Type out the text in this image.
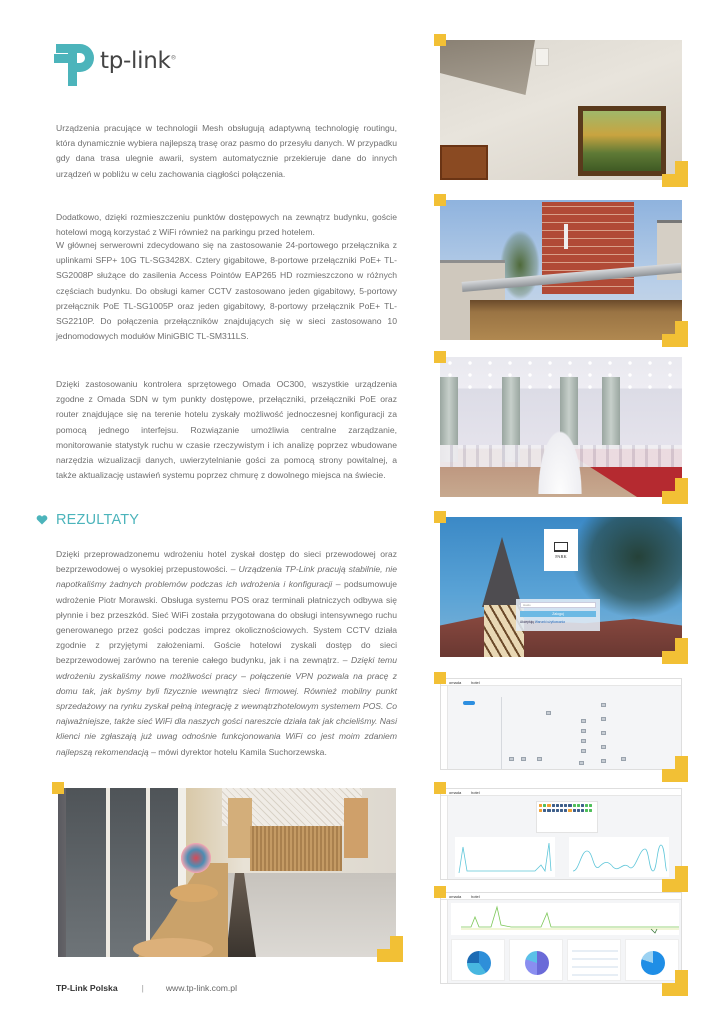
tp-link®

Urządzenia pracujące w technologii Mesh obsługują adaptywną technologię routingu, która dynamicznie wybiera najlepszą trasę oraz pasmo do przesyłu danych. W przypadku gdy dana trasa ulegnie awarii, system automatycznie przekieruje dane do innych urządzeń w pobliżu w celu zachowania ciągłości połączenia.

Dodatkowo, dzięki rozmieszczeniu punktów dostępowych na zewnątrz budynku, goście hotelowi mogą korzystać z WiFi również na parkingu przed hotelem.

W głównej serwerowni zdecydowano się na zastosowanie 24-portowego przełącznika z uplinkami SFP+ 10G TL-SG3428X. Cztery gigabitowe, 8-portowe przełączniki PoE+ TL-SG2008P służące do zasilenia Access Pointów EAP265 HD rozmieszczono w różnych częściach budynku. Do obsługi kamer CCTV zastosowano jeden gigabitowy, 5-portowy przełącznik PoE TL-SG1005P oraz jeden gigabitowy, 8-portowy przełącznik PoE+ TL-SG2210P. Do połączenia przełączników znajdujących się w sieci zastosowano 10 jednomodowych modułów MiniGBIC TL-SM311LS.

Dzięki zastosowaniu kontrolera sprzętowego Omada OC300, wszystkie urządzenia zgodne z Omada SDN w tym punkty dostępowe, przełączniki, przełączniki PoE oraz router znajdujące się na terenie hotelu zyskały możliwość jednoczesnej konfiguracji za pomocą jednego interfejsu. Rozwiązanie umożliwia centralne zarządzanie, monitorowanie statystyk ruchu w czasie rzeczywistym i ich analizę poprzez wbudowane narzędzia wizualizacji danych, uwierzytelnianie gości za pomocą strony powitalnej, a także aktualizację ustawień systemu poprzez chmurę z dowolnego miejsca na świecie.

REZULTATY

Dzięki przeprowadzonemu wdrożeniu hotel zyskał dostęp do sieci przewodowej oraz bezprzewodowej o wysokiej przepustowości. – Urządzenia TP-Link pracują stabilnie, nie napotkaliśmy żadnych problemów podczas ich wdrożenia i konfiguracji – podsumowuje wdrożenie Piotr Morawski. Obsługa systemu POS oraz terminali płatniczych odbywa się płynnie i bez przeszkód. Sieć WiFi została przygotowana do obsługi intensywnego ruchu generowanego przez gości podczas imprez okolicznościowych. System CCTV działa zgodnie z przyjętymi założeniami. Goście hotelowi zyskali dostęp do sieci bezprzewodowej zarówno na terenie całego budynku, jak i na zewnątrz. – Dzięki temu wdrożeniu zyskaliśmy nowe możliwości pracy – połączenie VPN pozwala na pracę z domu tak, jak byśmy byli fizycznie wewnątrz sieci firmowej. Również mobilny punkt sprzedażowy na rynku zyskał pełną integrację z wewnątrzhotelowym systemem POS. Co najważniejsze, także sieć WiFi dla naszych gości nareszcie działa tak jak chcieliśmy. Nasi klienci nie zgłaszają już uwag odnośnie funkcjonowania WiFi co jest moim zdaniem najlepszą rekomendacją – mówi dyrektor hotelu Kamila Suchorzewska.

PARK
Hasło
Zaloguj
Akceptuję Warunki użytkowania
omada hotel
omada hotel
omada hotel
TP-Link Polska	|	www.tp-link.com.pl
